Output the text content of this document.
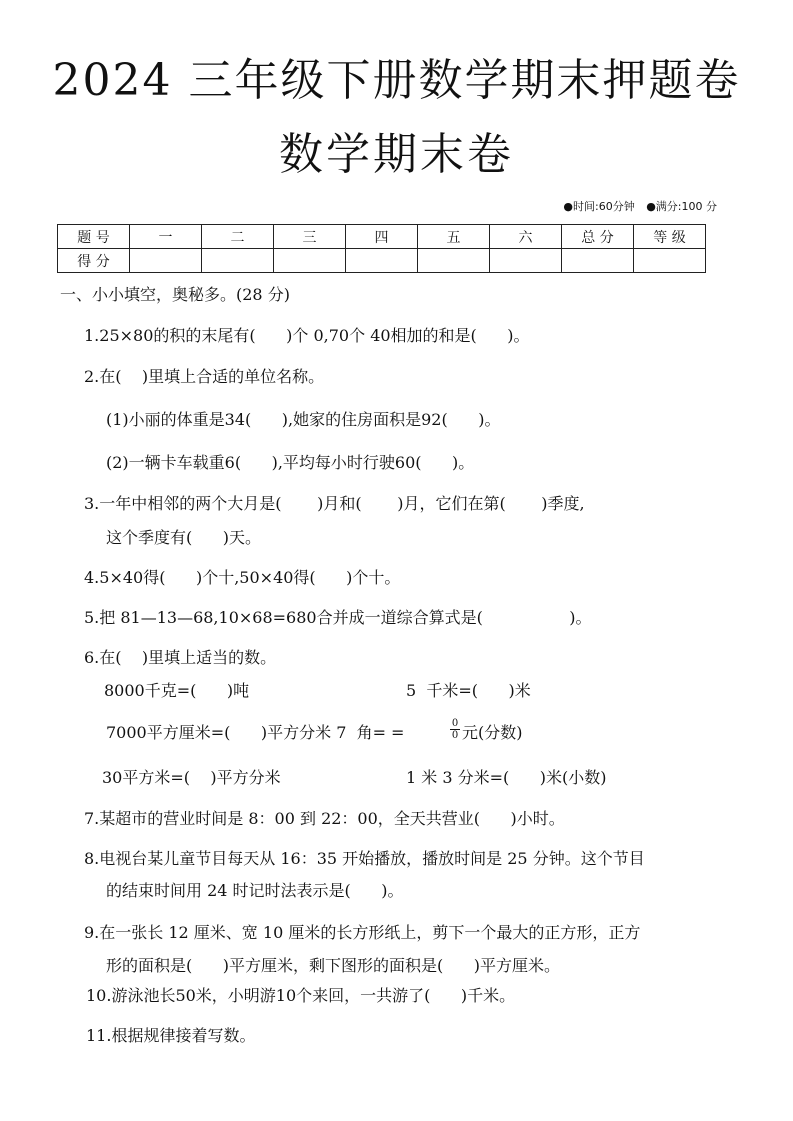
2024 三年级下册数学期末押题卷
数学期末卷
●时间:60分钟 ●满分:100 分
题 号	一	二	三	四	五	六	总 分	等 级
得 分								
一、小小填空，奥秘多。(28 分)
1.25×80的积的末尾有(      )个 0,70个 40相加的和是(      )。
2.在(    )里填上合适的单位名称。
(1)小丽的体重是34(      ),她家的住房面积是92(      )。
(2)一辆卡车载重6(      ),平均每小时行驶60(      )。
3.一年中相邻的两个大月是(       )月和(       )月，它们在第(       )季度,
这个季度有(      )天。
4.5×40得(      )个十,50×40得(      )个十。
5.把 81—13—68,10×68=680合并成一道综合算式是(                 )。
6.在(    )里填上适当的数。
8000千克=(      )吨	5  千米=(      )米
7000平方厘米=(      )平方分米 7  角= =	$\frac{0}{0}$ 元(分数)
30平方米=(    )平方分米	1 米 3 分米=(      )米(小数)
7.某超市的营业时间是 8：00 到 22：00，全天共营业(      )小时。
8.电视台某儿童节目每天从 16：35 开始播放，播放时间是 25 分钟。这个节目
的结束时间用 24 时记时法表示是(      )。
9.在一张长 12 厘米、宽 10 厘米的长方形纸上，剪下一个最大的正方形，正方
形的面积是(      )平方厘米，剩下图形的面积是(      )平方厘米。
10.游泳池长50米，小明游10个来回，一共游了(      )千米。
11.根据规律接着写数。
